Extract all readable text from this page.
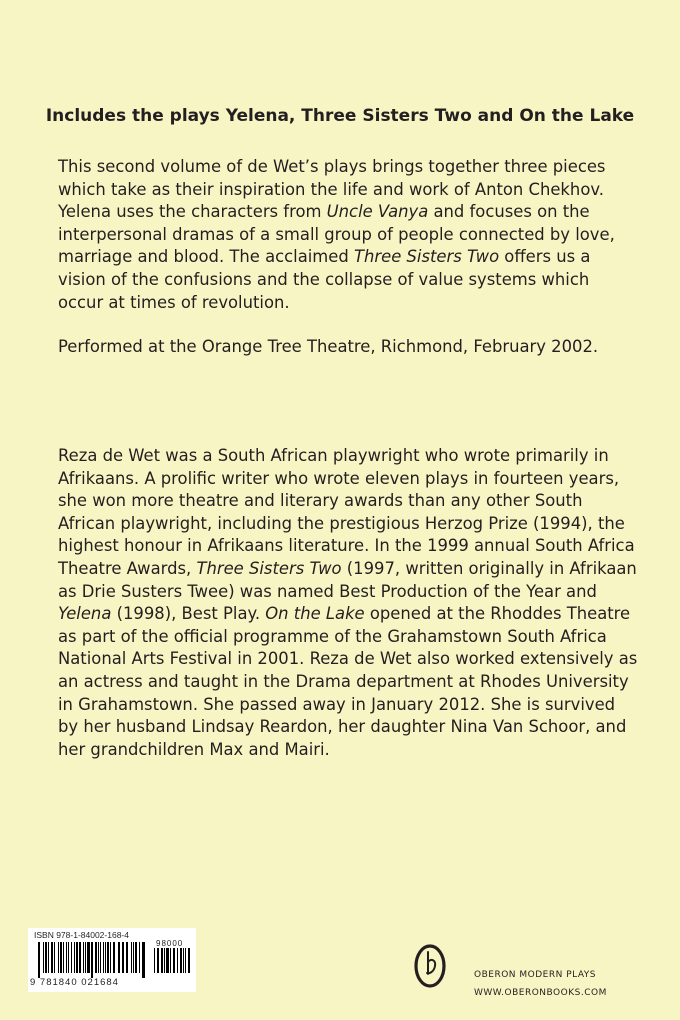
Includes the plays Yelena, Three Sisters Two and On the Lake

This second volume of de Wet’s plays brings together three pieces which take as their inspiration the life and work of Anton Chekhov. Yelena uses the characters from Uncle Vanya and focuses on the interpersonal dramas of a small group of people connected by love, marriage and blood. The acclaimed Three Sisters Two offers us a vision of the confusions and the collapse of value systems which occur at times of revolution.

Performed at the Orange Tree Theatre, Richmond, February 2002.

Reza de Wet was a South African playwright who wrote primarily in Afrikaans. A prolific writer who wrote eleven plays in fourteen years, she won more theatre and literary awards than any other South African playwright, including the prestigious Herzog Prize (1994), the highest honour in Afrikaans literature. In the 1999 annual South Africa Theatre Awards, Three Sisters Two (1997, written originally in Afrikaan as Drie Susters Twee) was named Best Production of the Year and Yelena (1998), Best Play. On the Lake opened at the Rhoddes Theatre as part of the official programme of the Grahamstown South Africa National Arts Festival in 2001. Reza de Wet also worked extensively as an actress and taught in the Drama department at Rhodes University in Grahamstown. She passed away in January 2012. She is survived by her husband Lindsay Reardon, her daughter Nina Van Schoor, and her grandchildren Max and Mairi.

ISBN 978-1-84002-168-4
98000
9 781840 021684
OBERON MODERN PLAYS
WWW.OBERONBOOKS.COM
